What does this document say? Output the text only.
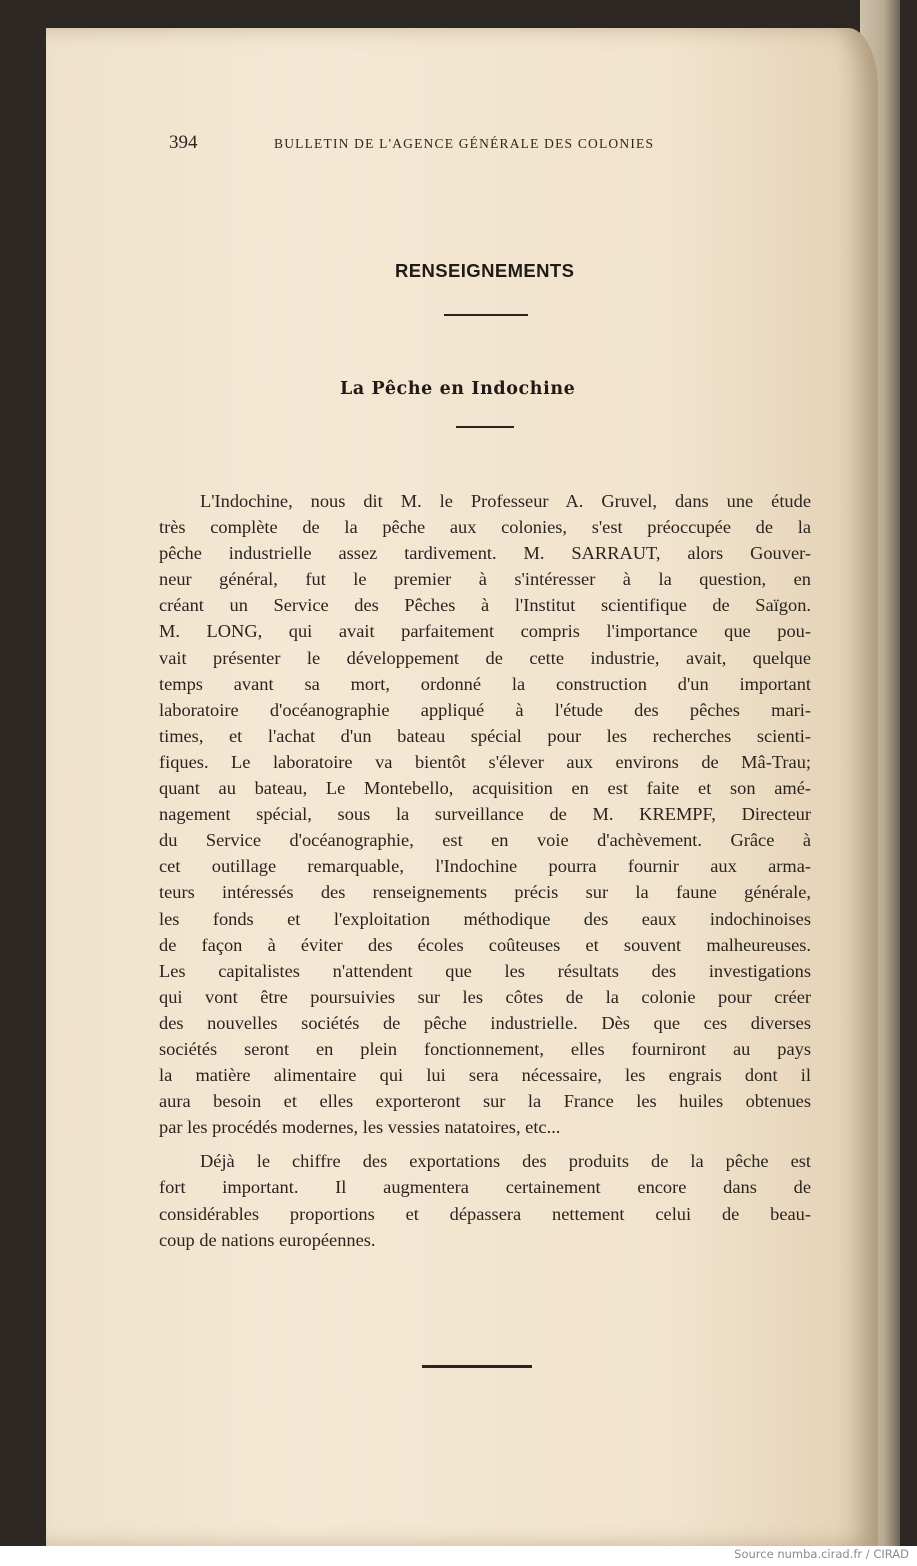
394	BULLETIN DE L'AGENCE GÉNÉRALE DES COLONIES
RENSEIGNEMENTS
La Pêche en Indochine
L'Indochine, nous dit M. le Professeur A. Gruvel, dans une étude
très complète de la pêche aux colonies, s'est préoccupée de la
pêche industrielle assez tardivement. M. SARRAUT, alors Gouver-
neur général, fut le premier à s'intéresser à la question, en
créant un Service des Pêches à l'Institut scientifique de Saïgon.
M. LONG, qui avait parfaitement compris l'importance que pou-
vait présenter le développement de cette industrie, avait, quelque
temps avant sa mort, ordonné la construction d'un important
laboratoire d'océanographie appliqué à l'étude des pêches mari-
times, et l'achat d'un bateau spécial pour les recherches scienti-
fiques. Le laboratoire va bientôt s'élever aux environs de Mâ-Trau;
quant au bateau, Le Montebello, acquisition en est faite et son amé-
nagement spécial, sous la surveillance de M. KREMPF, Directeur
du Service d'océanographie, est en voie d'achèvement. Grâce à
cet outillage remarquable, l'Indochine pourra fournir aux arma-
teurs intéressés des renseignements précis sur la faune générale,
les fonds et l'exploitation méthodique des eaux indochinoises
de façon à éviter des écoles coûteuses et souvent malheureuses.
Les capitalistes n'attendent que les résultats des investigations
qui vont être poursuivies sur les côtes de la colonie pour créer
des nouvelles sociétés de pêche industrielle. Dès que ces diverses
sociétés seront en plein fonctionnement, elles fourniront au pays
la matière alimentaire qui lui sera nécessaire, les engrais dont il
aura besoin et elles exporteront sur la France les huiles obtenues
par les procédés modernes, les vessies natatoires, etc...
Déjà le chiffre des exportations des produits de la pêche est
fort important. Il augmentera certainement encore dans de
considérables proportions et dépassera nettement celui de beau-
coup de nations européennes.
Source numba.cirad.fr / CIRAD
